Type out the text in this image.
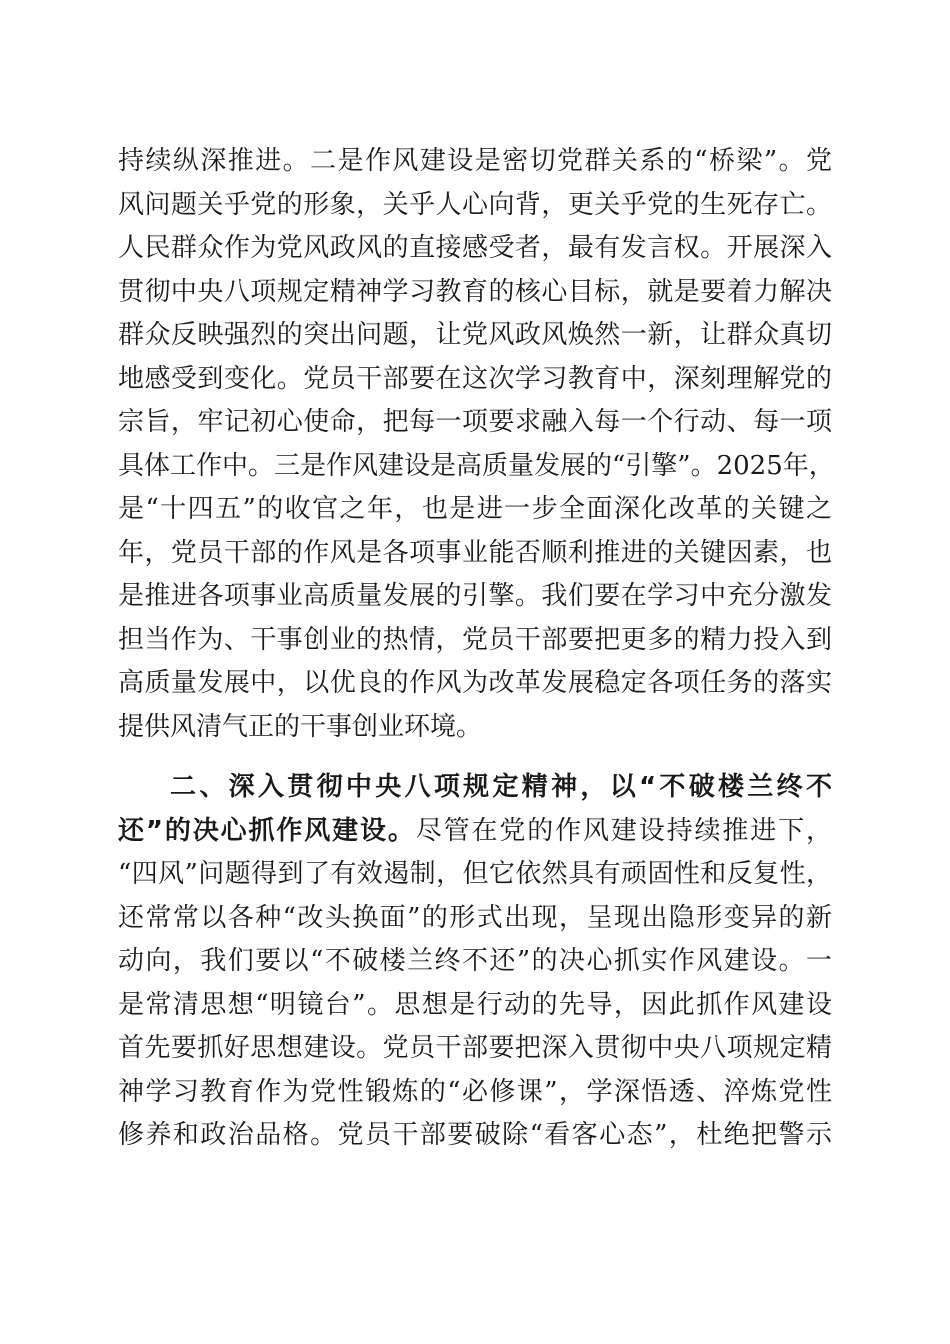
持续纵深推进。二是作风建设是密切党群关系的“桥梁”。党
风问题关乎党的形象，关乎人心向背，更关乎党的生死存亡。
人民群众作为党风政风的直接感受者，最有发言权。开展深入
贯彻中央八项规定精神学习教育的核心目标，就是要着力解决
群众反映强烈的突出问题，让党风政风焕然一新，让群众真切
地感受到变化。党员干部要在这次学习教育中，深刻理解党的
宗旨，牢记初心使命，把每一项要求融入每一个行动、每一项
具体工作中。三是作风建设是高质量发展的“引擎”。2025年，
是“十四五”的收官之年，也是进一步全面深化改革的关键之
年，党员干部的作风是各项事业能否顺利推进的关键因素，也
是推进各项事业高质量发展的引擎。我们要在学习中充分激发
担当作为、干事创业的热情，党员干部要把更多的精力投入到
高质量发展中，以优良的作风为改革发展稳定各项任务的落实
提供风清气正的干事创业环境。
二、深入贯彻中央八项规定精神，以“不破楼兰终不
还”的决心抓作风建设。尽管在党的作风建设持续推进下，
“四风”问题得到了有效遏制，但它依然具有顽固性和反复性，
还常常以各种“改头换面”的形式出现，呈现出隐形变异的新
动向，我们要以“不破楼兰终不还”的决心抓实作风建设。一
是常清思想“明镜台”。思想是行动的先导，因此抓作风建设
首先要抓好思想建设。党员干部要把深入贯彻中央八项规定精
神学习教育作为党性锻炼的“必修课”，学深悟透、淬炼党性
修养和政治品格。党员干部要破除“看客心态”，杜绝把警示
